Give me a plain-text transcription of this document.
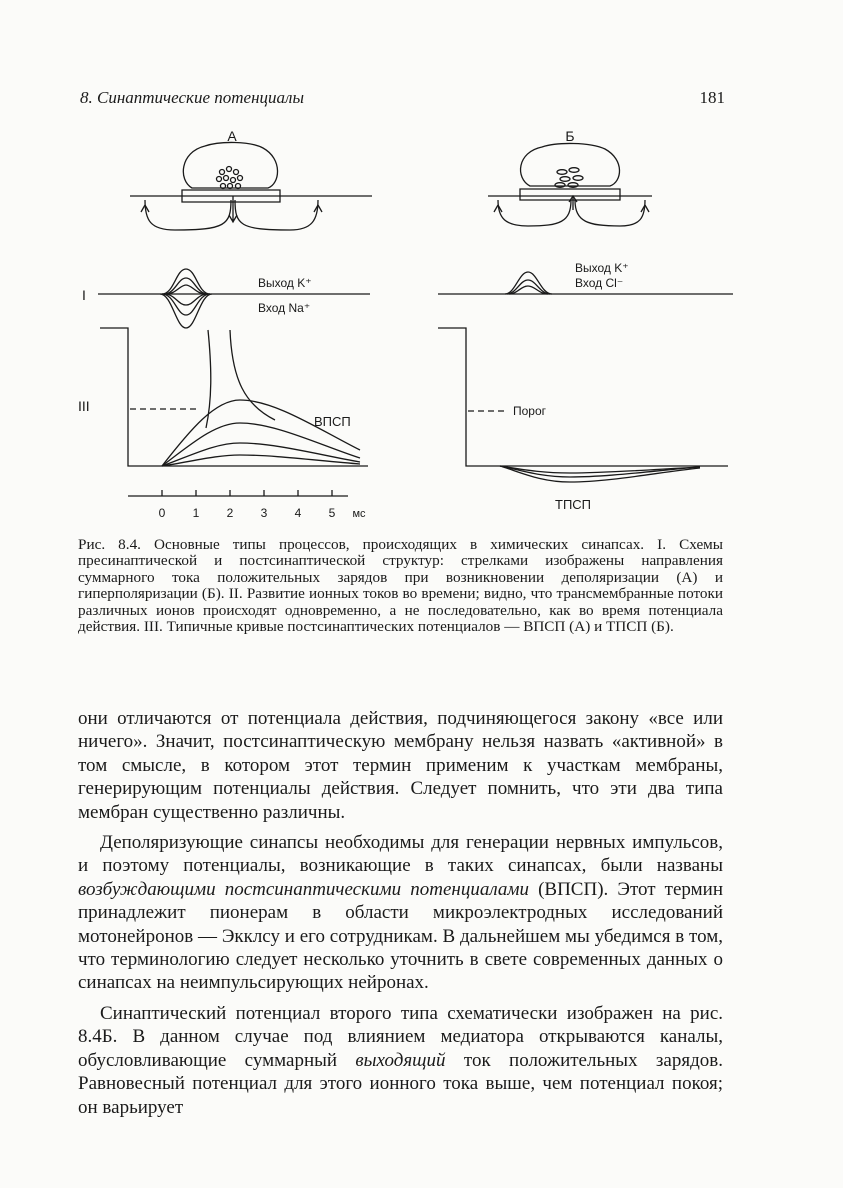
8. Синаптические потенциалы	181
А	Б
I
III
Выход K⁺
Вход Na⁺
Выход K⁺
Вход Cl⁻
ВПСП
Порог
ТПСП
0 1 2 3 4 5 мс

Рис. 8.4. Основные типы процессов, происходящих в химических синапсах. I. Схемы пресинаптической и постсинаптической структур: стрелками изображены направления суммарного тока положительных зарядов при возникновении деполяризации (А) и гиперполяризации (Б). II. Развитие ионных токов во времени; видно, что трансмембранные потоки различных ионов происходят одновременно, а не последовательно, как во время потенциала действия. III. Типичные кривые постсинаптических потенциалов — ВПСП (А) и ТПСП (Б).

они отличаются от потенциала действия, подчиняющегося закону «все или ничего». Значит, постсинаптическую мембрану нельзя назвать «активной» в том смысле, в котором этот термин применим к участкам мембраны, генерирующим потенциалы действия. Следует помнить, что эти два типа мембран существенно различны.

Деполяризующие синапсы необходимы для генерации нервных импульсов, и поэтому потенциалы, возникающие в таких синапсах, были названы возбуждающими постсинаптическими потенциалами (ВПСП). Этот термин принадлежит пионерам в области микроэлектродных исследований мотонейронов — Экклсу и его сотрудникам. В дальнейшем мы убедимся в том, что терминологию следует несколько уточнить в свете современных данных о синапсах на неимпульсирующих нейронах.

Синаптический потенциал второго типа схематически изображен на рис. 8.4Б. В данном случае под влиянием медиатора открываются каналы, обусловливающие суммарный выходящий ток положительных зарядов. Равновесный потенциал для этого ионного тока выше, чем потенциал покоя; он варьирует
